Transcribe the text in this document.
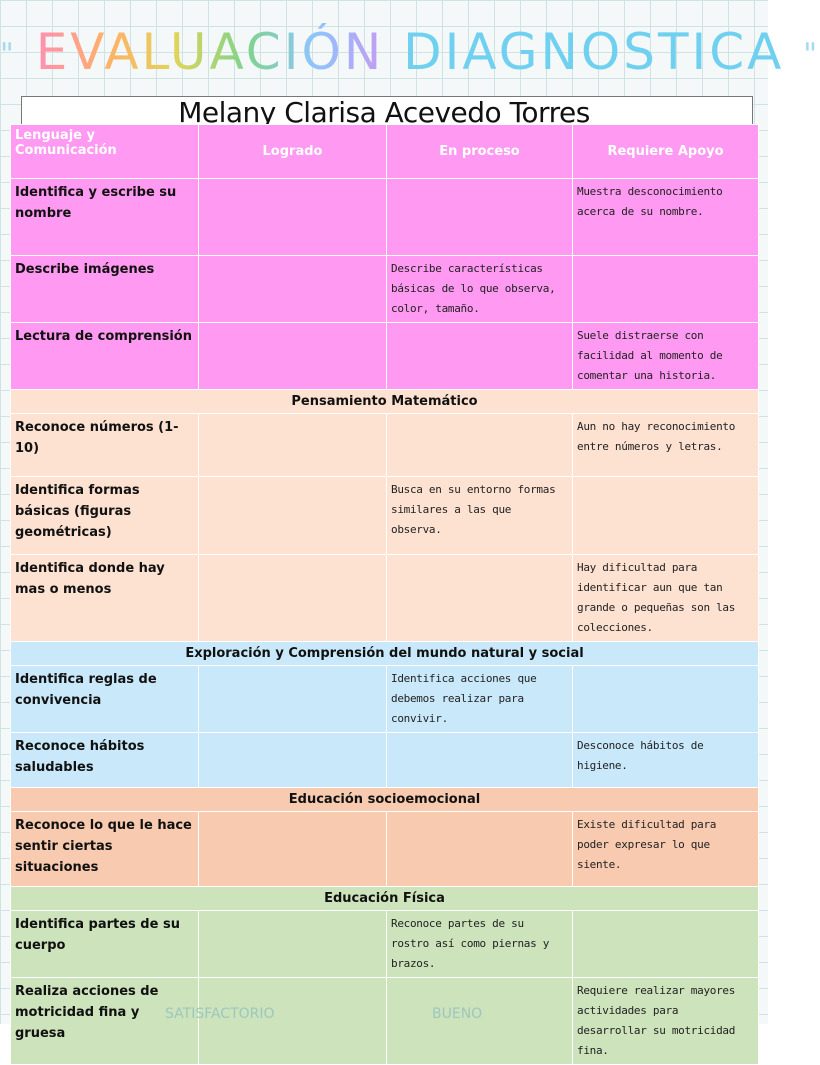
" EVALUACIÓN DIAGNOSTICA "
Melany Clarisa Acevedo Torres
Lenguaje y Comunicación	Logrado	En proceso	Requiere Apoyo
Identifica y escribe su nombre			Muestra desconocimiento acerca de su nombre.
Describe imágenes		Describe características básicas de lo que observa, color, tamaño.	
Lectura de comprensión			Suele distraerse con facilidad al momento de comentar una historia.
Pensamiento Matemático			
Reconoce números (1-10)			Aun no hay reconocimiento entre números y letras.
Identifica formas básicas (figuras geométricas)		Busca en su entorno formas similares a las que observa.	
Identifica donde hay mas o menos			Hay dificultad para identificar aun que tan grande o pequeñas son las colecciones.
Exploración y Comprensión del mundo natural y social			
Identifica reglas de convivencia		Identifica acciones que debemos realizar para convivir.	
Reconoce hábitos saludables			Desconoce hábitos de higiene.
Educación socioemocional			
Reconoce lo que le hace sentir ciertas situaciones			Existe dificultad para poder expresar lo que siente.
Educación Física			
Identifica partes de su cuerpo		Reconoce partes de su rostro así como piernas y brazos.	
Realiza acciones de motricidad fina y gruesa			Requiere realizar mayores actividades para desarrollar su motricidad fina.
SATISFACTORIO	BUENO
